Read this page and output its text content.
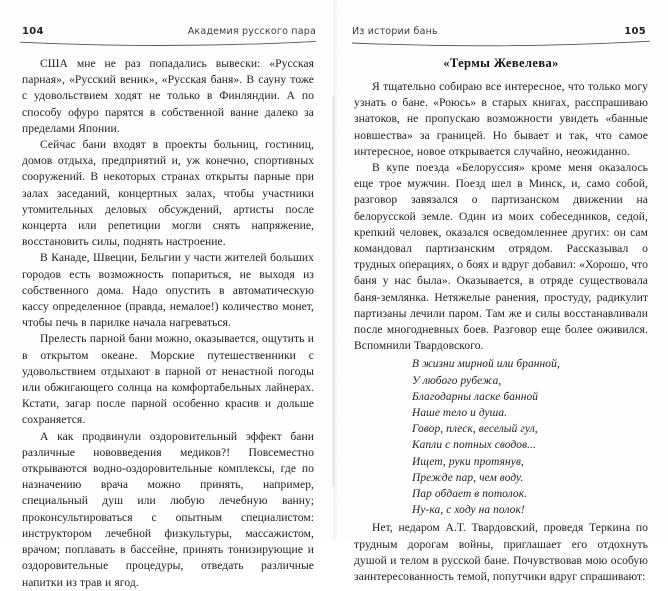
104	Академия русского пара

США мне не раз попадались вывески: «Русская парная», «Русский веник», «Русская баня». В сауну тоже с удовольствием ходят не только в Финляндии. А по способу офуро парятся в собственной ванне далеко за пределами Японии.

Сейчас бани входят в проекты больниц, гостиниц, домов отдыха, предприятий и, уж конечно, спортивных сооружений. В некоторых странах открыты парные при залах заседаний, концертных залах, чтобы участники утомительных деловых обсуждений, артисты после концерта или репетиции могли снять напряжение, восстановить силы, поднять настроение.

В Канаде, Швеции, Бельгии у части жителей больших городов есть возможность попариться, не выходя из собственного дома. Надо опустить в автоматическую кассу определенное (правда, немалое!) количество монет, чтобы печь в парилке начала нагреваться.

Прелесть парной бани можно, оказывается, ощутить и в открытом океане. Морские путешественники с удовольствием отдыхают в парной от ненастной погоды или обжигающего солнца на комфортабельных лайнерах. Кстати, загар после парной особенно красив и дольше сохраняется.

А как продвинули оздоровительный эффект бани различные нововведения медиков?! Повсеместно открываются водно-оздоровительные комплексы, где по назначению врача можно принять, например, специальный душ или любую лечебную ванну; проконсультироваться с опытным специалистом: инструктором лечебной физкультуры, массажистом, врачом; поплавать в бассейне, принять тонизирующие и оздоровительные процедуры, отведать различные напитки из трав и ягод.

Из истории бань	105
«Термы Жевелева»

Я тщательно собираю все интересное, что только могу узнать о бане. «Роюсь» в старых книгах, расспрашиваю знатоков, не пропускаю возможности увидеть «банные новшества» за границей. Но бывает и так, что самое интересное, новое открывается случайно, неожиданно.

В купе поезда «Белоруссия» кроме меня оказалось еще трое мужчин. Поезд шел в Минск, и, само собой, разговор завязался о партизанском движении на белорусской земле. Один из моих собеседников, седой, крепкий человек, оказался осведомленнее других: он сам командовал партизанским отрядом. Рассказывал о трудных операциях, о боях и вдруг добавил: «Хорошо, что баня у нас была». Оказывается, в отряде существовала баня-землянка. Нетяжелые ранения, простуду, радикулит партизаны лечили паром. Там же и силы восстанавливали после многодневных боев. Разговор еще более оживился. Вспомнили Твардовского.

В жизни мирной или бранной,
У любого рубежа,
Благодарны ласке банной
Наше тело и душа.
Говор, плеск, веселый гул,
Капли с потных сводов...
Ищет, руки протянув,
Прежде пар, чем воду.
Пар обдает в потолок.
Ну-ка, с ходу на полок!

Нет, недаром А.Т. Твардовский, проведя Теркина по трудным дорогам войны, приглашает его отдохнуть душой и телом в русской бане. Почувствовав мою особую заинтересованность темой, попутчики вдруг спрашивают:
